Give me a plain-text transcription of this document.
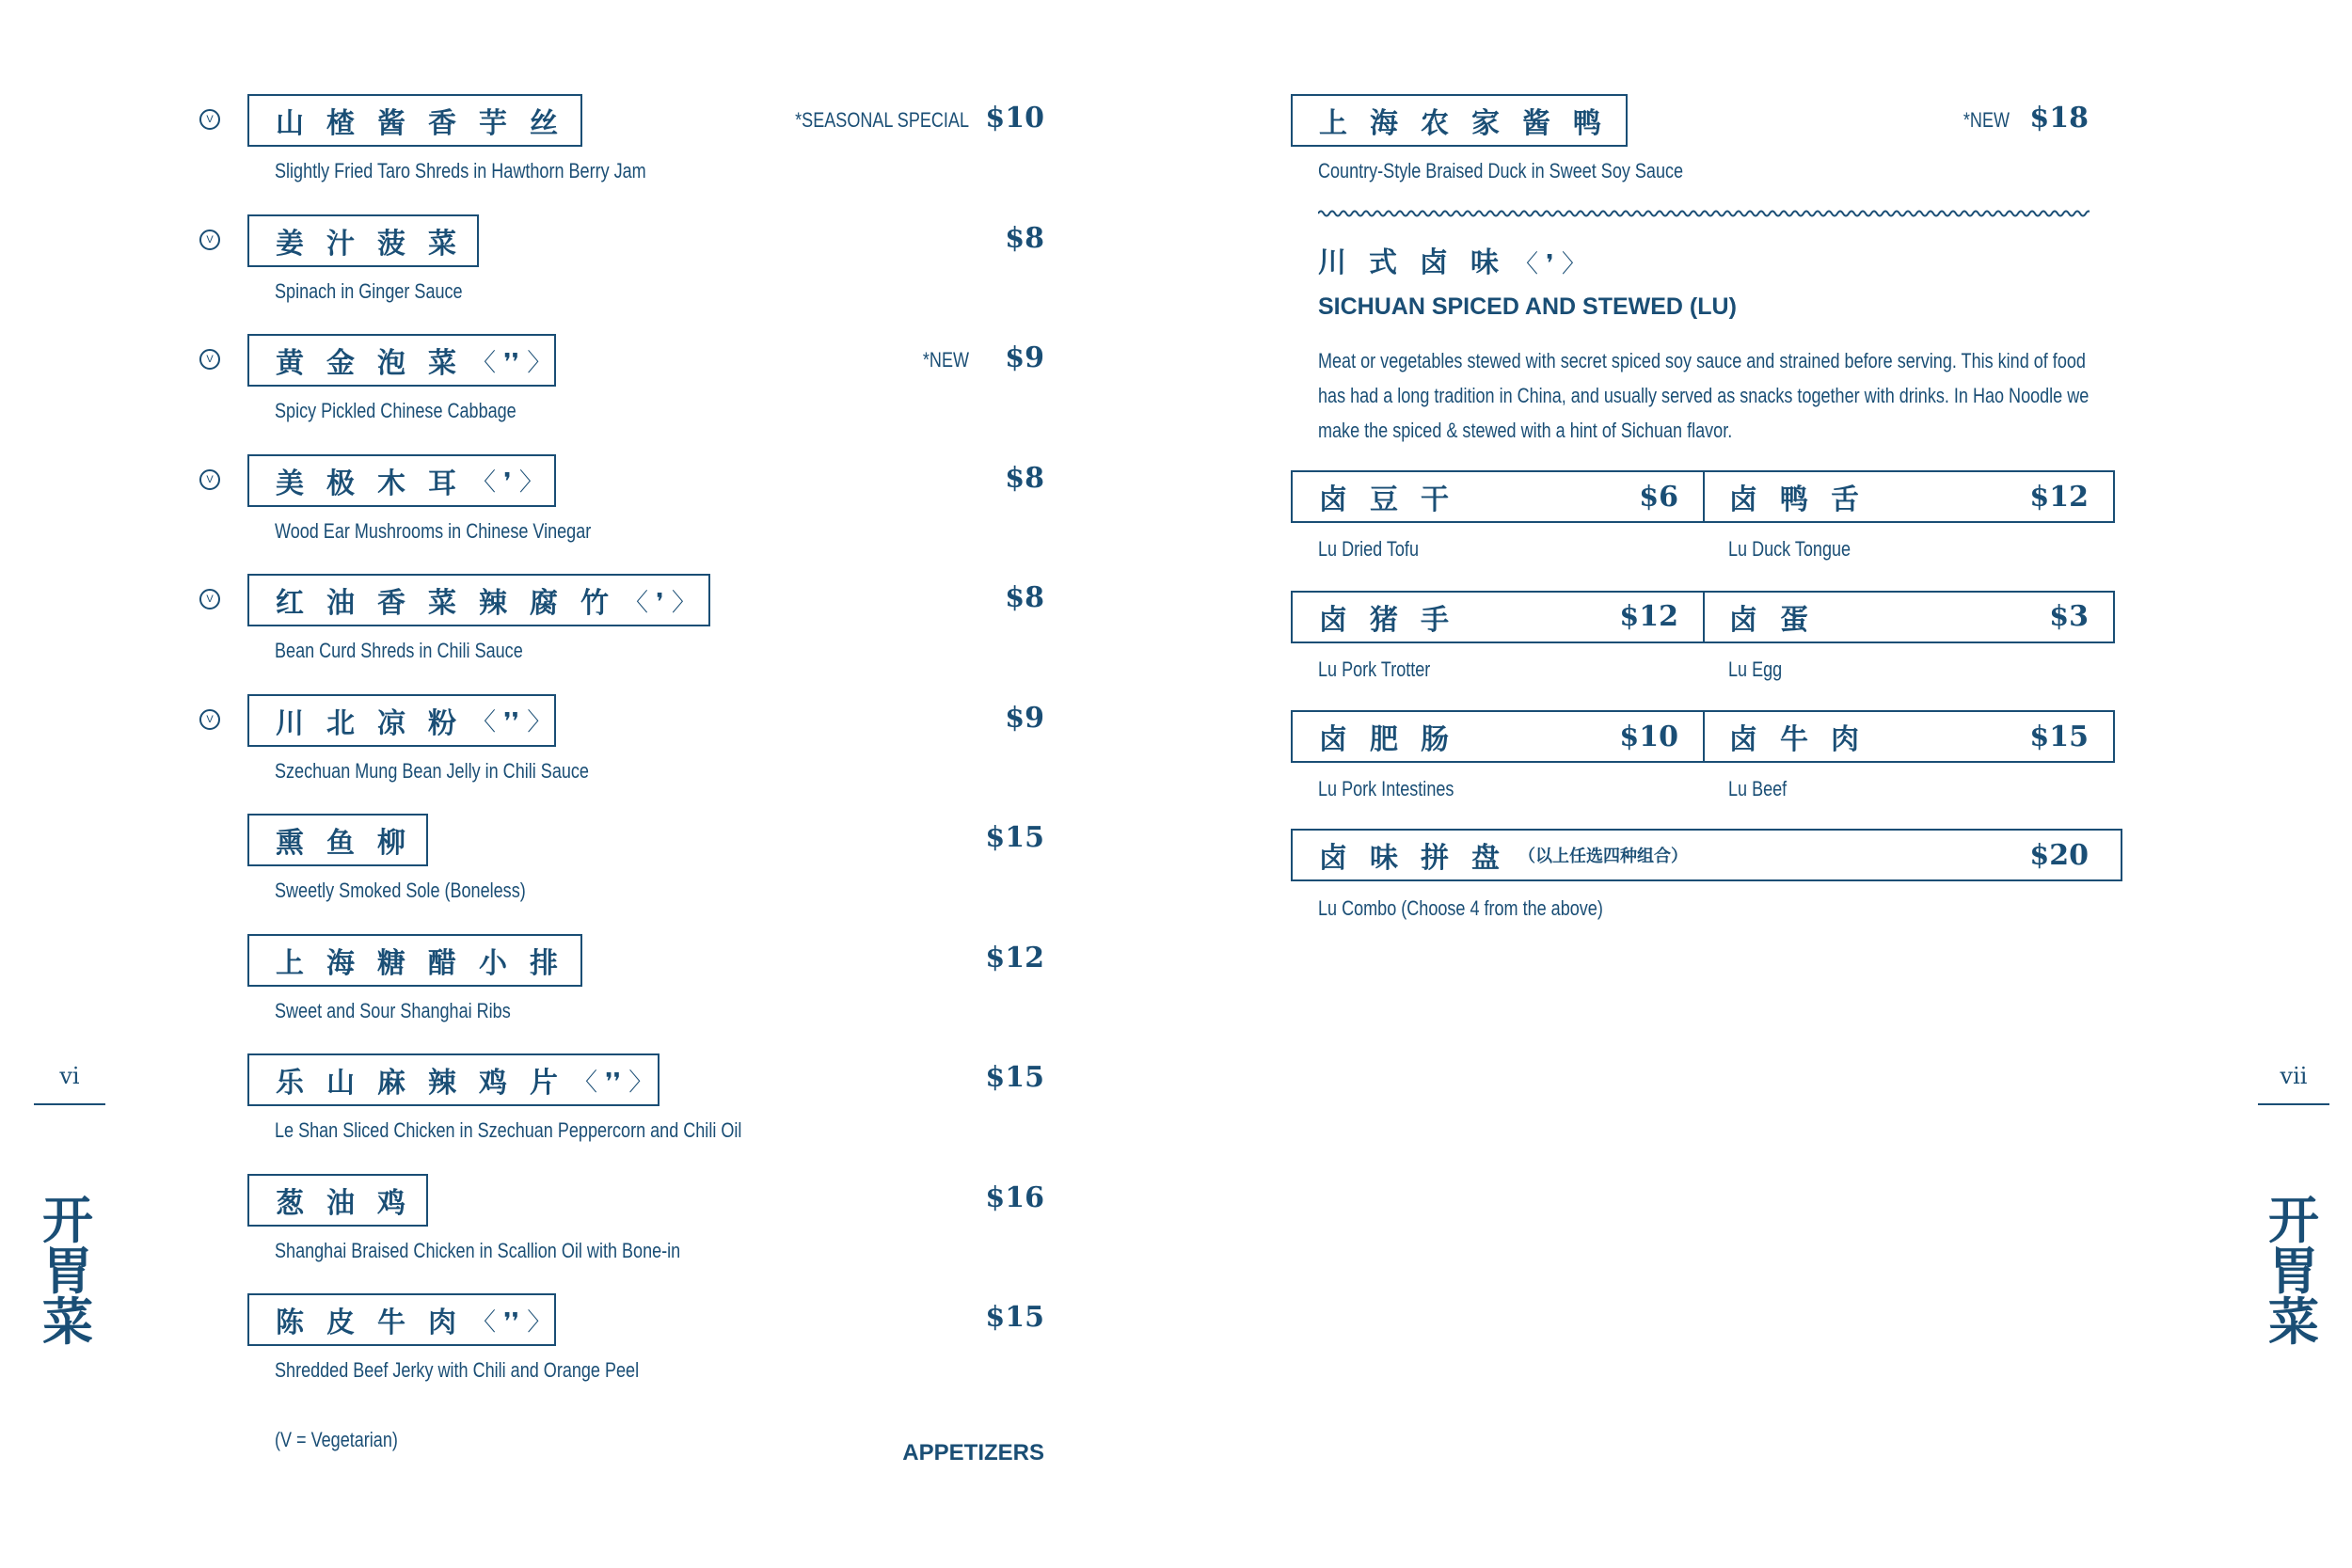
V 山楂酱香芋丝
Slightly Fried Taro Shreds in Hawthorn Berry Jam
*SEASONAL SPECIAL $10
V 姜汁菠菜
Spinach in Ginger Sauce
$8
V 黄金泡菜
〈 ❜❜ 〉
Spicy Pickled Chinese Cabbage
*NEW	$9
V 美极木耳
〈 ❜ 〉
Wood Ear Mushrooms in Chinese Vinegar
$8
V 红油香菜辣腐竹
〈 ❜ 〉
Bean Curd Shreds in Chili Sauce
$8
V 川北凉粉
〈 ❜❜ 〉
Szechuan Mung Bean Jelly in Chili Sauce
$9
熏鱼柳
Sweetly Smoked Sole (Boneless)
$15
上海糖醋小排
Sweet and Sour Shanghai Ribs
$12
乐山麻辣鸡片
〈 ❜❜ 〉
Le Shan Sliced Chicken in Szechuan Peppercorn and Chili Oil
$15
葱油鸡
Shanghai Braised Chicken in Scallion Oil with Bone-in
$16
陈皮牛肉
〈 ❜❜ 〉
Shredded Beef Jerky with Chili and Orange Peel
$15
(V = Vegetarian)
APPETIZERS
vi
开
胃
菜
上海农家酱鸭	*NEW $18
Country-Style Braised Duck in Sweet Soy Sauce
川式卤味〈 ❜ 〉
SICHUAN SPICED AND STEWED (LU)
Meat or vegetables stewed with secret spiced soy sauce and strained before serving. This kind of food has had a long tradition in China, and usually served as snacks together with drinks. In Hao Noodle we make the spiced & stewed with a hint of Sichuan flavor.
Lu Dried Tofu	Lu Duck Tongue
卤豆干	$6 卤鸭舌	$12
Lu Pork Trotter	Lu Egg
卤猪手	$12 卤蛋	$3
Lu Pork Intestines	Lu Beef
卤肥肠	$10 卤牛肉	$15
卤味拼盘
（以上任选四种组合）	$20
Lu Combo (Choose 4 from the above)
vii
开
胃
菜
